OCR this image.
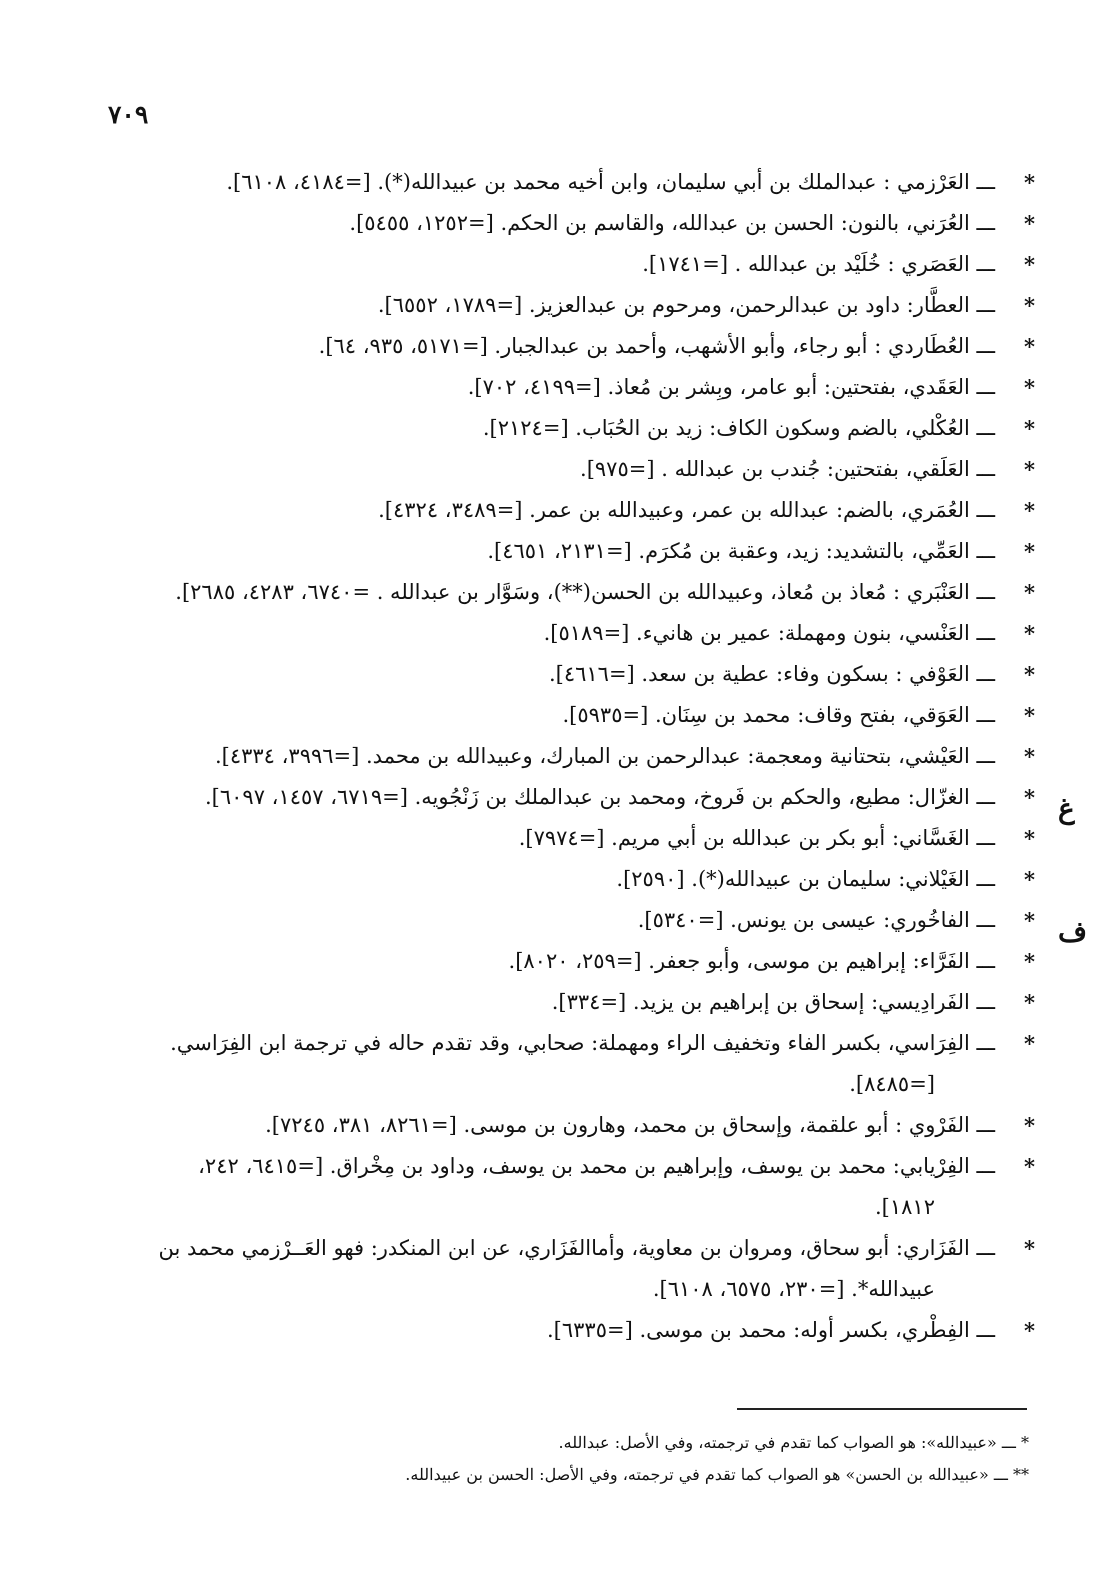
٧٠٩
غ
ف
*
ـــ العَرْزمي : عبدالملك بن أبي سليمان، وابن أخيه محمد بن عبيدالله(*). [=٤١٨٤، ٦١٠٨].
*
ـــ العُرَني، بالنون: الحسن بن عبدالله، والقاسم بن الحكم. [=١٢٥٢، ٥٤٥٥].
*
ـــ العَصَري : خُلَيْد بن عبدالله . [=١٧٤١].
*
ـــ العطَّار: داود بن عبدالرحمن، ومرحوم بن عبدالعزيز. [=١٧٨٩، ٦٥٥٢].
*
ـــ العُطَاردي : أبو رجاء، وأبو الأشهب، وأحمد بن عبدالجبار. [=٥١٧١، ٩٣٥، ٦٤].
*
ـــ العَقَدي، بفتحتين: أبو عامر، وبِشر بن مُعاذ. [=٤١٩٩، ٧٠٢].
*
ـــ العُكْلي، بالضم وسكون الكاف: زيد بن الحُبَاب. [=٢١٢٤].
*
ـــ العَلَقي، بفتحتين: جُندب بن عبدالله . [=٩٧٥].
*
ـــ العُمَري، بالضم: عبدالله بن عمر، وعبيدالله بن عمر. [=٣٤٨٩، ٤٣٢٤].
*
ـــ العَمِّي، بالتشديد: زيد، وعقبة بن مُكرَم. [=٢١٣١، ٤٦٥١].
*
ـــ العَنْبَري : مُعاذ بن مُعاذ، وعبيدالله بن الحسن(**)، وسَوَّار بن عبدالله . =٦٧٤٠، ٤٢٨٣، ٢٦٨٥].
*
ـــ العَنْسي، بنون ومهملة: عمير بن هانيء. [=٥١٨٩].
*
ـــ العَوْفي : بسكون وفاء: عطية بن سعد. [=٤٦١٦].
*
ـــ العَوَقي، بفتح وقاف: محمد بن سِنَان. [=٥٩٣٥].
*
ـــ العَيْشي، بتحتانية ومعجمة: عبدالرحمن بن المبارك، وعبيدالله بن محمد. [=٣٩٩٦، ٤٣٣٤].
*
ـــ الغزّال: مطيع، والحكم بن فَروخ، ومحمد بن عبدالملك بن زَنْجُويه. [=٦٧١٩، ١٤٥٧، ٦٠٩٧].
*
ـــ الغَسَّاني: أبو بكر بن عبدالله بن أبي مريم. [=٧٩٧٤].
*
ـــ الغَيْلاني: سليمان بن عبيدالله(*). [٢٥٩٠].
*
ـــ الفاخُوري: عيسى بن يونس. [=٥٣٤٠].
*
ـــ الفَرَّاء: إبراهيم بن موسى، وأبو جعفر. [=٢٥٩، ٨٠٢٠].
*
ـــ الفَرادِيسي: إسحاق بن إبراهيم بن يزيد. [=٣٣٤].
*
ـــ الفِرَاسي، بكسر الفاء وتخفيف الراء ومهملة: صحابي، وقد تقدم حاله في ترجمة ابن الفِرَاسي.
[=٨٤٨٥].
*
ـــ الفَرْوي : أبو علقمة، وإسحاق بن محمد، وهارون بن موسى. [=٨٢٦١، ٣٨١، ٧٢٤٥].
*
ـــ الفِرْيابي: محمد بن يوسف، وإبراهيم بن محمد بن يوسف، وداود بن مِخْراق. [=٦٤١٥، ٢٤٢،
١٨١٢].
*
ـــ الفَزَاري: أبو سحاق، ومروان بن معاوية، وأماالفَزَاري، عن ابن المنكدر: فهو العَــرْزمي محمد بن
عبيدالله*. [=٢٣٠، ٦٥٧٥، ٦١٠٨].
*
ـــ الفِطْري، بكسر أوله: محمد بن موسى. [=٦٣٣٥].
* ـــ «عبيدالله»: هو الصواب كما تقدم في ترجمته، وفي الأصل: عبدالله.
** ـــ «عبيدالله بن الحسن» هو الصواب كما تقدم في ترجمته، وفي الأصل: الحسن بن عبيدالله.
